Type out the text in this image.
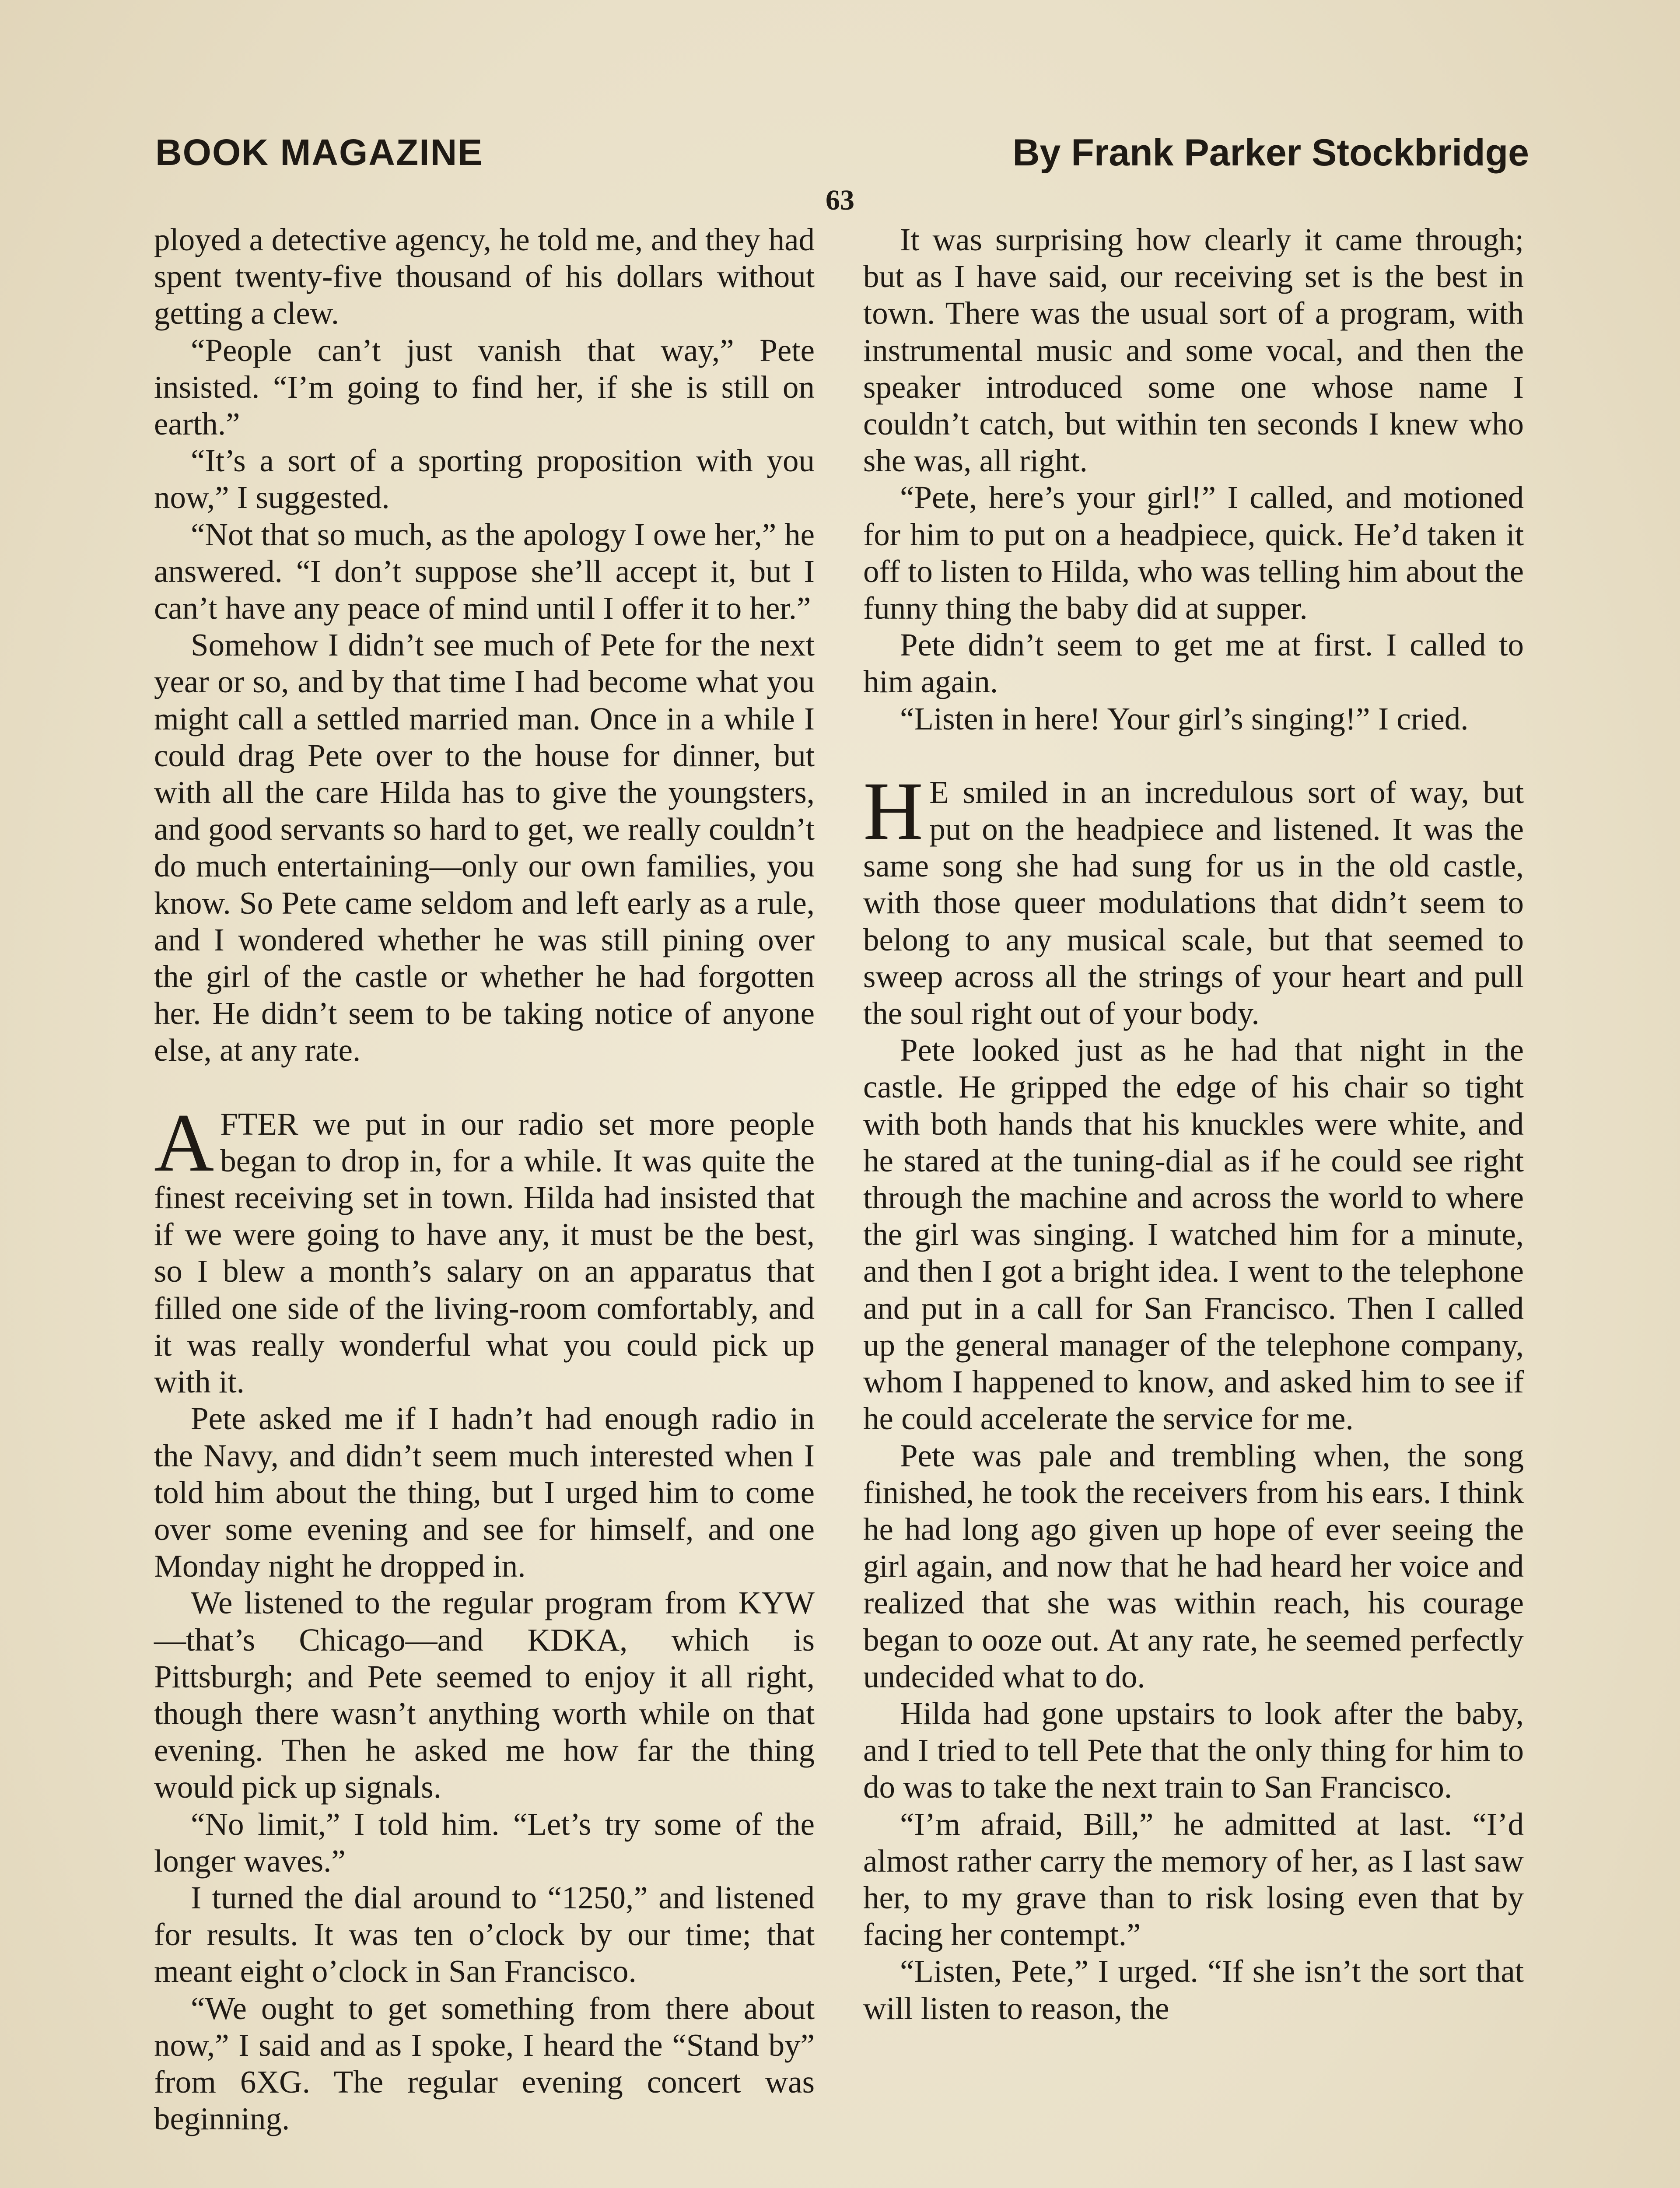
BOOK MAGAZINE	By Frank Parker Stockbridge
63

ployed a detective agency, he told me, and they had spent twenty-five thousand of his dollars without getting a clew.

“People can’t just vanish that way,” Pete insisted. “I’m going to find her, if she is still on earth.”

“It’s a sort of a sporting proposition with you now,” I suggested.

“Not that so much, as the apology I owe her,” he answered. “I don’t suppose she’ll accept it, but I can’t have any peace of mind until I offer it to her.”

Somehow I didn’t see much of Pete for the next year or so, and by that time I had become what you might call a settled married man. Once in a while I could drag Pete over to the house for dinner, but with all the care Hilda has to give the youngsters, and good servants so hard to get, we really couldn’t do much entertaining—only our own families, you know. So Pete came seldom and left early as a rule, and I wondered whether he was still pining over the girl of the castle or whether he had forgotten her. He didn’t seem to be taking notice of anyone else, at any rate.

AFTER we put in our radio set more people began to drop in, for a while. It was quite the finest receiving set in town. Hilda had insisted that if we were going to have any, it must be the best, so I blew a month’s salary on an apparatus that filled one side of the living-room comfortably, and it was really wonderful what you could pick up with it.

Pete asked me if I hadn’t had enough radio in the Navy, and didn’t seem much interested when I told him about the thing, but I urged him to come over some evening and see for himself, and one Monday night he dropped in.

We listened to the regular program from KYW—that’s Chicago—and KDKA, which is Pittsburgh; and Pete seemed to enjoy it all right, though there wasn’t anything worth while on that evening. Then he asked me how far the thing would pick up signals.

“No limit,” I told him. “Let’s try some of the longer waves.”

I turned the dial around to “1250,” and listened for results. It was ten o’clock by our time; that meant eight o’clock in San Francisco.

“We ought to get something from there about now,” I said and as I spoke, I heard the “Stand by” from 6XG. The regular evening concert was beginning.

It was surprising how clearly it came through; but as I have said, our receiving set is the best in town. There was the usual sort of a program, with instrumental music and some vocal, and then the speaker introduced some one whose name I couldn’t catch, but within ten seconds I knew who she was, all right.

“Pete, here’s your girl!” I called, and motioned for him to put on a headpiece, quick. He’d taken it off to listen to Hilda, who was telling him about the funny thing the baby did at supper.

Pete didn’t seem to get me at first. I called to him again.

“Listen in here! Your girl’s singing!” I cried.

H E smiled in an incredulous sort of way, but put on the headpiece and listened. It was the same song she had sung for us in the old castle, with those queer modulations that didn’t seem to belong to any musical scale, but that seemed to sweep across all the strings of your heart and pull the soul right out of your body.

Pete looked just as he had that night in the castle. He gripped the edge of his chair so tight with both hands that his knuckles were white, and he stared at the tuning-dial as if he could see right through the machine and across the world to where the girl was singing. I watched him for a minute, and then I got a bright idea. I went to the telephone and put in a call for San Francisco. Then I called up the general manager of the telephone company, whom I happened to know, and asked him to see if he could accelerate the service for me.

Pete was pale and trembling when, the song finished, he took the receivers from his ears. I think he had long ago given up hope of ever seeing the girl again, and now that he had heard her voice and realized that she was within reach, his courage began to ooze out. At any rate, he seemed perfectly undecided what to do.

Hilda had gone upstairs to look after the baby, and I tried to tell Pete that the only thing for him to do was to take the next train to San Francisco.

“I’m afraid, Bill,” he admitted at last. “I’d almost rather carry the memory of her, as I last saw her, to my grave than to risk losing even that by facing her contempt.”

“Listen, Pete,” I urged. “If she isn’t the sort that will listen to reason, the
